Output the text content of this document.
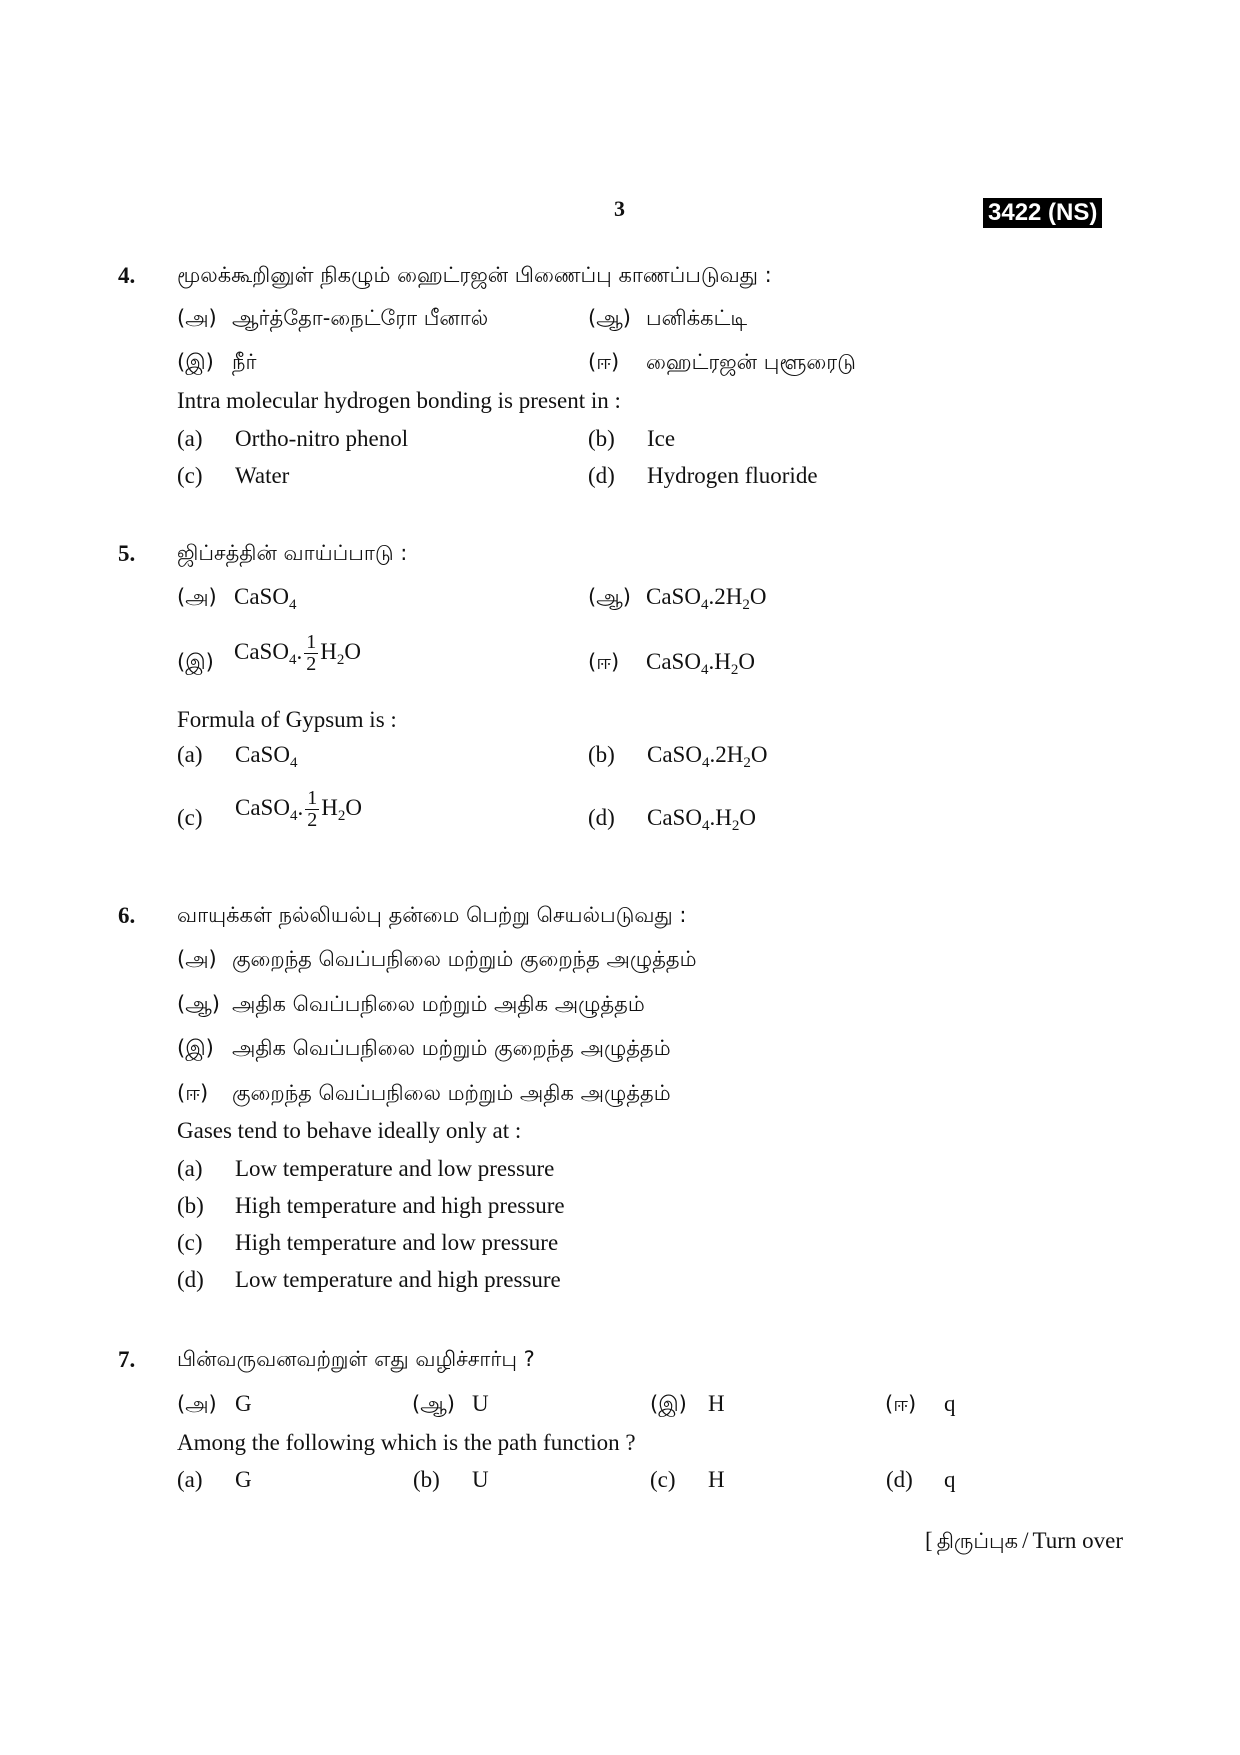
3	3422 (NS)
4. மூலக்கூறினுள் நிகழும் ஹைட்ரஜன் பிணைப்பு காணப்படுவது :
(அ) ஆர்த்தோ-நைட்ரோ பீனால்	(ஆ) பனிக்கட்டி
(இ) நீர்	(ஈ) ஹைட்ரஜன் புளூரைடு
Intra molecular hydrogen bonding is present in :
(a) Ortho-nitro phenol	(b) Ice
(c) Water	(d) Hydrogen fluoride
5. ஜிப்சத்தின் வாய்ப்பாடு :
(அ) CaSO$_4$	(ஆ) $CaSO_4.2H_2O$
(இ) CaSO$_4$. $\frac{1}{2} H_2O$	(ஈ) $CaSO_4.H_2O$
Formula of Gypsum is :
(a) CaSO$_4$	(b) $CaSO_4.2H_2O$
(c) CaSO$_4$. $\frac{1}{2} H_2O$	(d) $CaSO_4.H_2O$
6. வாயுக்கள் நல்லியல்பு தன்மை பெற்று செயல்படுவது :
(அ) குறைந்த வெப்பநிலை மற்றும் குறைந்த அழுத்தம்
(ஆ) அதிக வெப்பநிலை மற்றும் அதிக அழுத்தம்
(இ) அதிக வெப்பநிலை மற்றும் குறைந்த அழுத்தம்
(ஈ) குறைந்த வெப்பநிலை மற்றும் அதிக அழுத்தம்
Gases tend to behave ideally only at :
(a) Low temperature and low pressure
(b) High temperature and high pressure
(c) High temperature and low pressure
(d) Low temperature and high pressure
7. பின்வருவனவற்றுள் எது வழிச்சார்பு ?
(அ) G	(ஆ) U	(இ) H	(ஈ) q
Among the following which is the path function ?
(a) G	(b) U	(c) H	(d) q
[ திருப்புக / Turn over
